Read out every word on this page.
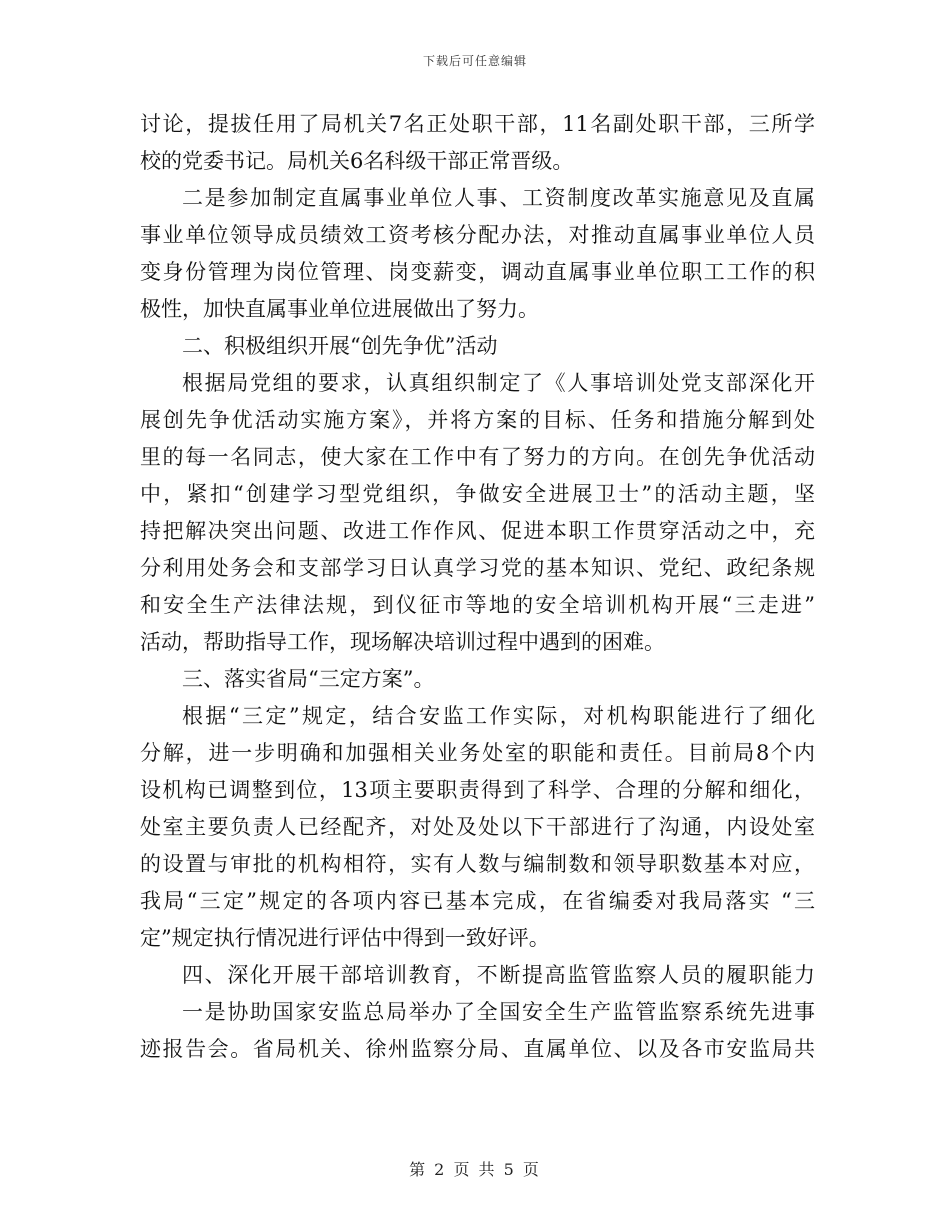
下载后可任意编辑
讨论，提拔任用了局机关7名正处职干部，11名副处职干部，三所学
校的党委书记。局机关6名科级干部正常晋级。
二是参加制定直属事业单位人事、工资制度改革实施意见及直属
事业单位领导成员绩效工资考核分配办法，对推动直属事业单位人员
变身份管理为岗位管理、岗变薪变，调动直属事业单位职工工作的积
极性，加快直属事业单位进展做出了努力。
二、积极组织开展“创先争优”活动
根据局党组的要求，认真组织制定了《人事培训处党支部深化开
展创先争优活动实施方案》，并将方案的目标、任务和措施分解到处
里的每一名同志，使大家在工作中有了努力的方向。在创先争优活动
中，紧扣“创建学习型党组织，争做安全进展卫士”的活动主题，坚
持把解决突出问题、改进工作作风、促进本职工作贯穿活动之中，充
分利用处务会和支部学习日认真学习党的基本知识、党纪、政纪条规
和安全生产法律法规，到仪征市等地的安全培训机构开展“三走进”
活动，帮助指导工作，现场解决培训过程中遇到的困难。
三、落实省局“三定方案”。
根据“三定”规定，结合安监工作实际，对机构职能进行了细化
分解，进一步明确和加强相关业务处室的职能和责任。目前局8个内
设机构已调整到位，13项主要职责得到了科学、合理的分解和细化，
处室主要负责人已经配齐，对处及处以下干部进行了沟通，内设处室
的设置与审批的机构相符，实有人数与编制数和领导职数基本对应，
我局“三定”规定的各项内容已基本完成，在省编委对我局落实 “三
定”规定执行情况进行评估中得到一致好评。
四、深化开展干部培训教育，不断提高监管监察人员的履职能力
一是协助国家安监总局举办了全国安全生产监管监察系统先进事
迹报告会。省局机关、徐州监察分局、直属单位、以及各市安监局共
第 2 页 共 5 页
